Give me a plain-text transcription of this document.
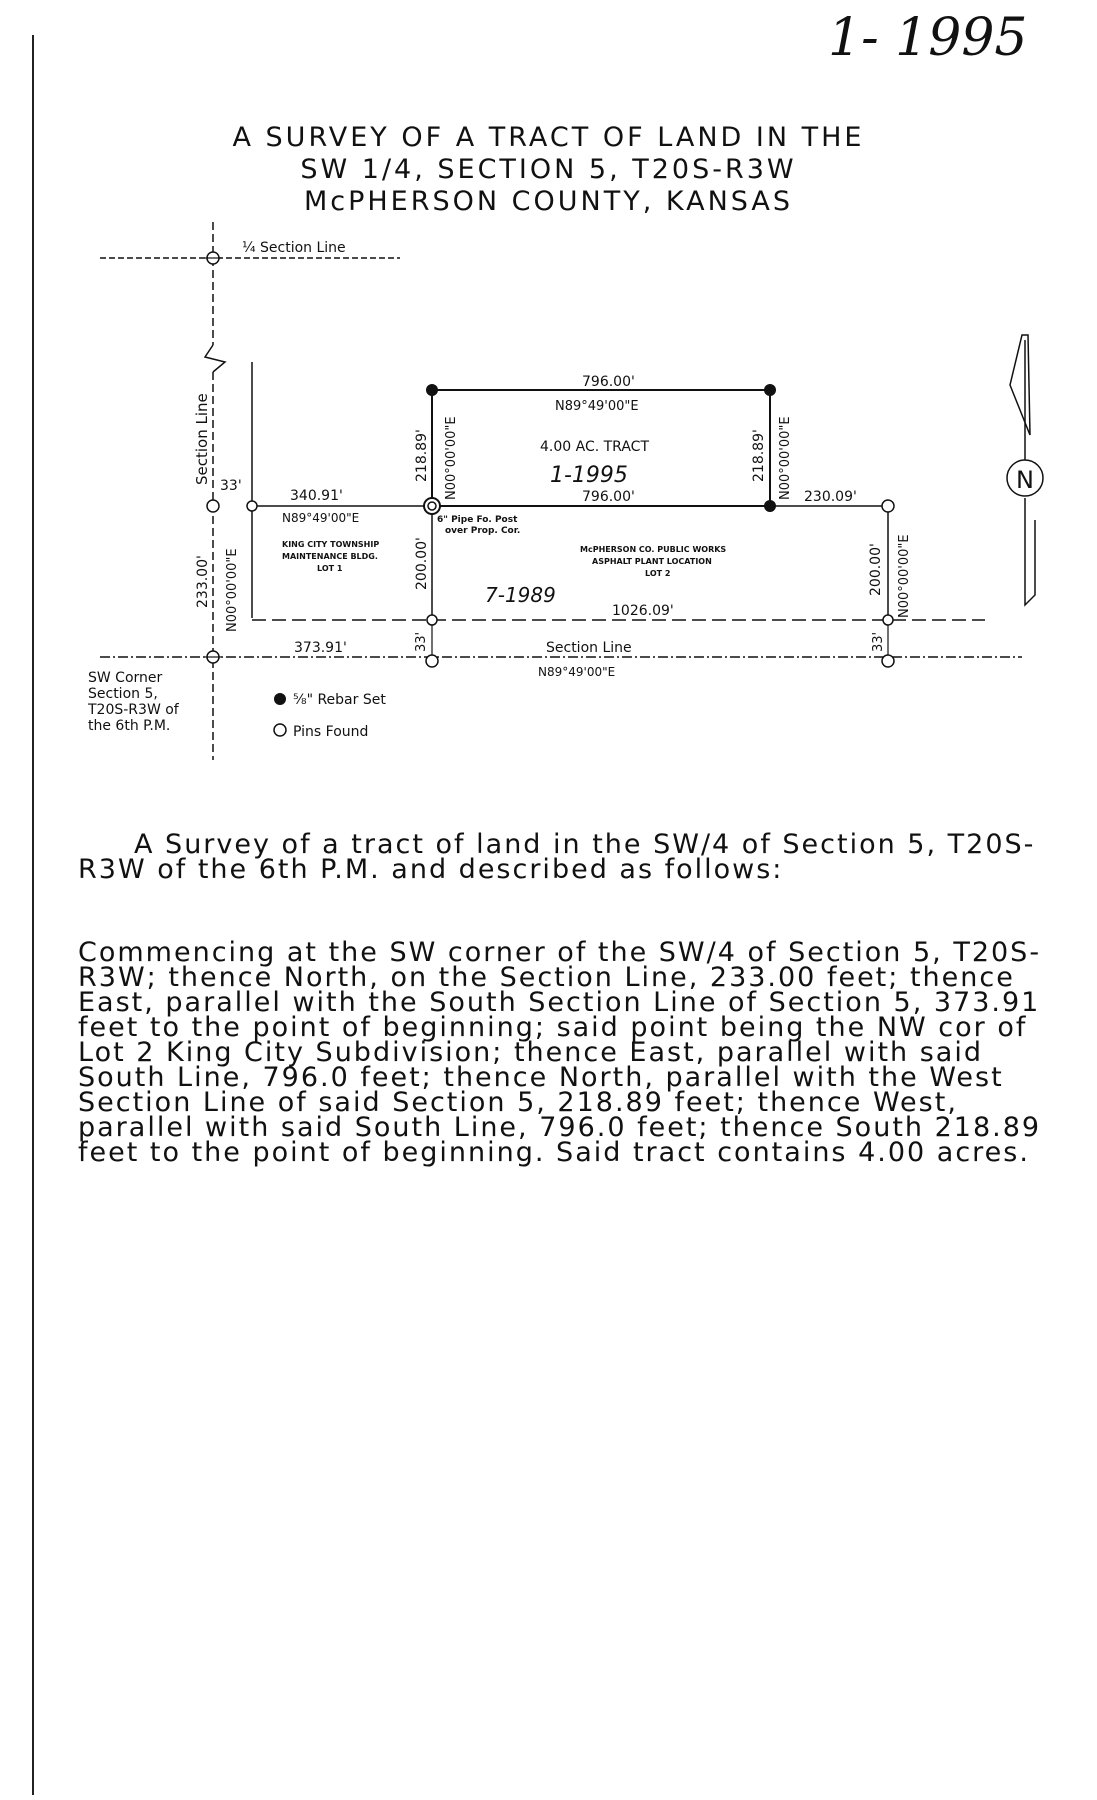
1- 1995
A SURVEY OF A TRACT OF LAND IN THE
SW 1/4, SECTION 5, T20S-R3W
McPHERSON COUNTY, KANSAS
¼ Section Line
Section Line
33'
233.00' N00°00'00"E
340.91'
N89°49'00"E
KING CITY TOWNSHIP
MAINTENANCE BLDG.
LOT 1
796.00'
N89°49'00"E
4.00 AC. TRACT
1-1995
796.00'
218.89' N00°00'00"E	218.89' N00°00'00"E 230.09'
200.00' N00°00'00"E
200.00'
6" Pipe Fo. Post
over Prop. Cor.
McPHERSON CO. PUBLIC WORKS
ASPHALT PLANT LOCATION
LOT 2
7-1989
1026.09'
373.91'	Section Line
N89°49'00"E
33'	33'
SW Corner
Section 5,
T20S-R3W of
the 6th P.M.
⅝" Rebar Set
Pins Found
N

A Survey of a tract of land in the SW/4 of Section 5, T20S-R3W of the 6th P.M. and described as follows:

Commencing at the SW corner of the SW/4 of Section 5, T20S-R3W; thence North, on the Section Line, 233.00 feet; thence East, parallel with the South Section Line of Section 5, 373.91 feet to the point of beginning; said point being the NW cor of Lot 2 King City Subdivision; thence East, parallel with said South Line, 796.0 feet; thence North, parallel with the West Section Line of said Section 5, 218.89 feet; thence West, parallel with said South Line, 796.0 feet; thence South 218.89 feet to the point of beginning. Said tract contains 4.00 acres.
